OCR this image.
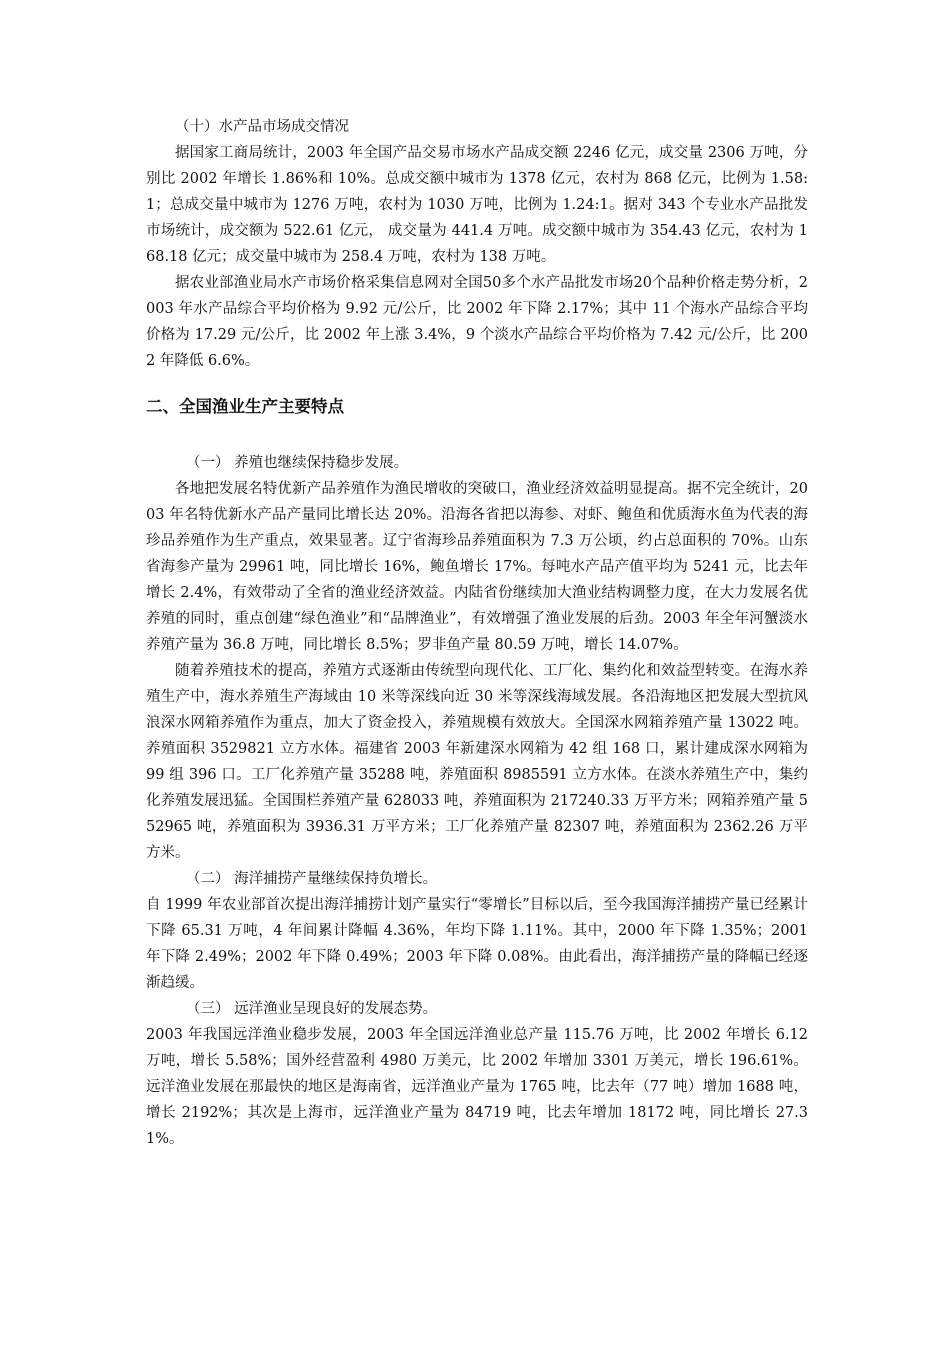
（十）水产品市场成交情况

据国家工商局统计，2003 年全国产品交易市场水产品成交额 2246 亿元，成交量 2306 万吨，分别比 2002 年增长 1.86%和 10%。总成交额中城市为 1378 亿元，农村为 868 亿元，比例为 1.58:1；总成交量中城市为 1276 万吨，农村为 1030 万吨，比例为 1.24:1。据对 343 个专业水产品批发市场统计，成交额为 522.61 亿元， 成交量为 441.4 万吨。成交额中城市为 354.43 亿元，农村为 168.18 亿元；成交量中城市为 258.4 万吨，农村为 138 万吨。

据农业部渔业局水产市场价格采集信息网对全国50多个水产品批发市场20个品种价格走势分析，2003 年水产品综合平均价格为 9.92 元/公斤，比 2002 年下降 2.17%；其中 11 个海水产品综合平均价格为 17.29 元/公斤，比 2002 年上涨 3.4%，9 个淡水产品综合平均价格为 7.42 元/公斤，比 2002 年降低 6.6%。

二、全国渔业生产主要特点

（一） 养殖也继续保持稳步发展。

各地把发展名特优新产品养殖作为渔民增收的突破口，渔业经济效益明显提高。据不完全统计，2003 年名特优新水产品产量同比增长达 20%。沿海各省把以海参、对虾、鲍鱼和优质海水鱼为代表的海珍品养殖作为生产重点，效果显著。辽宁省海珍品养殖面积为 7.3 万公顷，约占总面积的 70%。山东省海参产量为 29961 吨，同比增长 16%，鲍鱼增长 17%。每吨水产品产值平均为 5241 元，比去年增长 2.4%，有效带动了全省的渔业经济效益。内陆省份继续加大渔业结构调整力度，在大力发展名优养殖的同时，重点创建“绿色渔业”和“品牌渔业”，有效增强了渔业发展的后劲。2003 年全年河蟹淡水养殖产量为 36.8 万吨，同比增长 8.5%；罗非鱼产量 80.59 万吨，增长 14.07%。

随着养殖技术的提高，养殖方式逐渐由传统型向现代化、工厂化、集约化和效益型转变。在海水养殖生产中，海水养殖生产海域由 10 米等深线向近 30 米等深线海域发展。各沿海地区把发展大型抗风浪深水网箱养殖作为重点，加大了资金投入，养殖规模有效放大。全国深水网箱养殖产量 13022 吨。养殖面积 3529821 立方水体。福建省 2003 年新建深水网箱为 42 组 168 口，累计建成深水网箱为 99 组 396 口。工厂化养殖产量 35288 吨，养殖面积 8985591 立方水体。在淡水养殖生产中，集约化养殖发展迅猛。全国围栏养殖产量 628033 吨，养殖面积为 217240.33 万平方米；网箱养殖产量 552965 吨，养殖面积为 3936.31 万平方米；工厂化养殖产量 82307 吨，养殖面积为 2362.26 万平方米。

（二） 海洋捕捞产量继续保持负增长。

自 1999 年农业部首次提出海洋捕捞计划产量实行“零增长”目标以后，至今我国海洋捕捞产量已经累计下降 65.31 万吨，4 年间累计降幅 4.36%，年均下降 1.11%。其中，2000 年下降 1.35%；2001 年下降 2.49%；2002 年下降 0.49%；2003 年下降 0.08%。由此看出，海洋捕捞产量的降幅已经逐渐趋缓。

（三） 远洋渔业呈现良好的发展态势。

2003 年我国远洋渔业稳步发展，2003 年全国远洋渔业总产量 115.76 万吨，比 2002 年增长 6.12 万吨，增长 5.58%；国外经营盈利 4980 万美元，比 2002 年增加 3301 万美元，增长 196.61%。远洋渔业发展在那最快的地区是海南省，远洋渔业产量为 1765 吨，比去年（77 吨）增加 1688 吨，增长 2192%；其次是上海市，远洋渔业产量为 84719 吨，比去年增加 18172 吨，同比增长 27.31%。
